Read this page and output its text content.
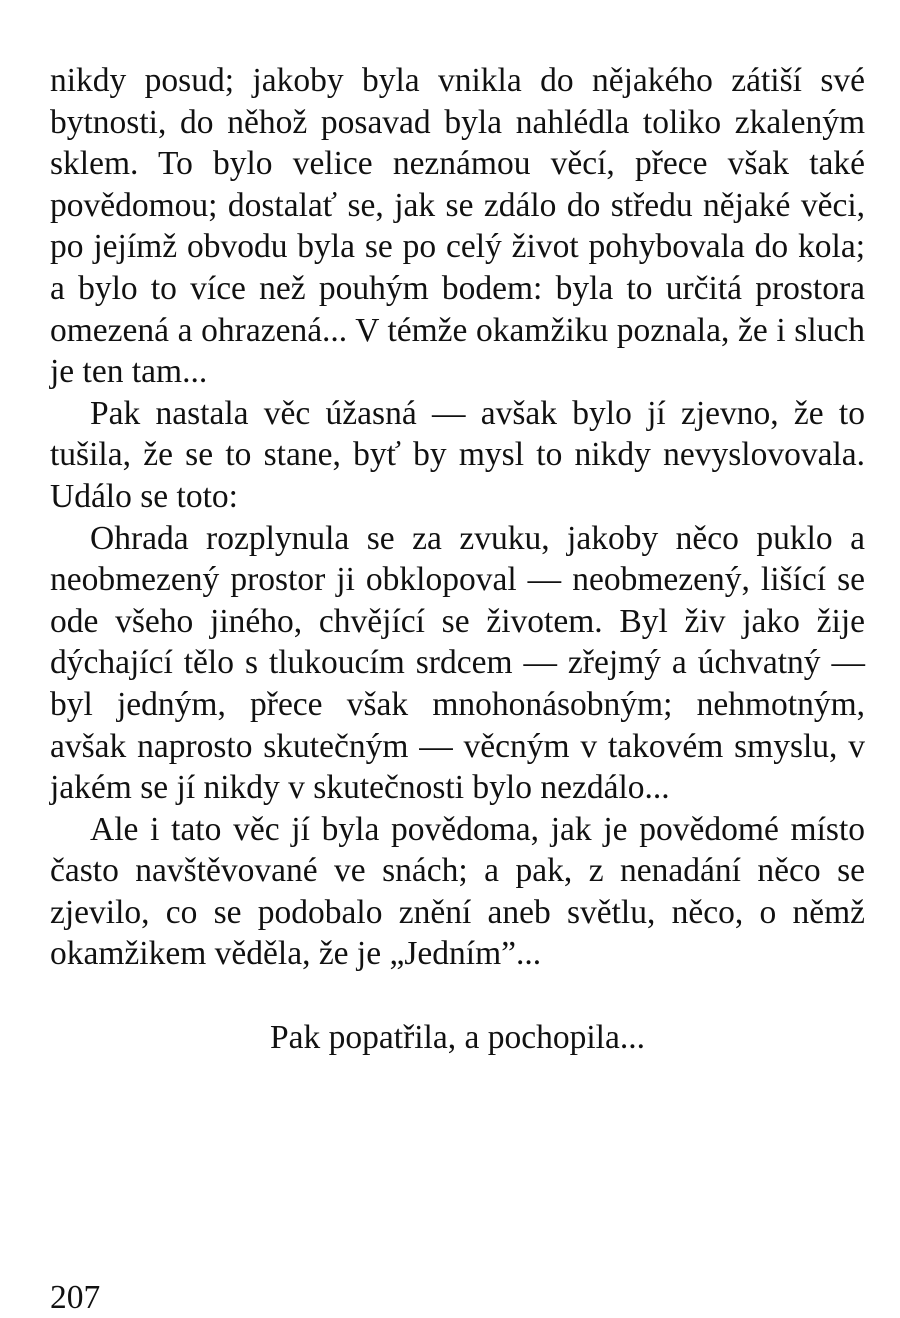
nikdy posud; jakoby byla vnikla do nějakého zátiší své bytnosti, do něhož posavad byla nahlédla toliko zkaleným sklem. To bylo velice neznámou věcí, přece však také povědomou; dostalať se, jak se zdálo do středu nějaké věci, po jejímž obvodu byla se po celý život pohybovala do kola; a bylo to více než pouhým bodem: byla to určitá prostora omezená a ohrazená... V témže okamžiku poznala, že i sluch je ten tam...

Pak nastala věc úžasná — avšak bylo jí zjevno, že to tušila, že se to stane, byť by mysl to nikdy nevyslovovala. Událo se toto:

Ohrada rozplynula se za zvuku, jakoby něco puklo a neobmezený prostor ji obklopoval — neobmezený, lišící se ode všeho jiného, chvějící se životem. Byl živ jako žije dýchající tělo s tlukoucím srdcem — zřejmý a úchvatný — byl jedným, přece však mnohonásobným; nehmotným, avšak naprosto skutečným — věcným v takovém smyslu, v jakém se jí nikdy v skutečnosti bylo nezdálo...

Ale i tato věc jí byla povědoma, jak je povědomé místo často navštěvované ve snách; a pak, z nenadání něco se zjevilo, co se podobalo znění aneb světlu, něco, o němž okamžikem věděla, že je „Jedním”...

Pak popatřila, a pochopila...

207
